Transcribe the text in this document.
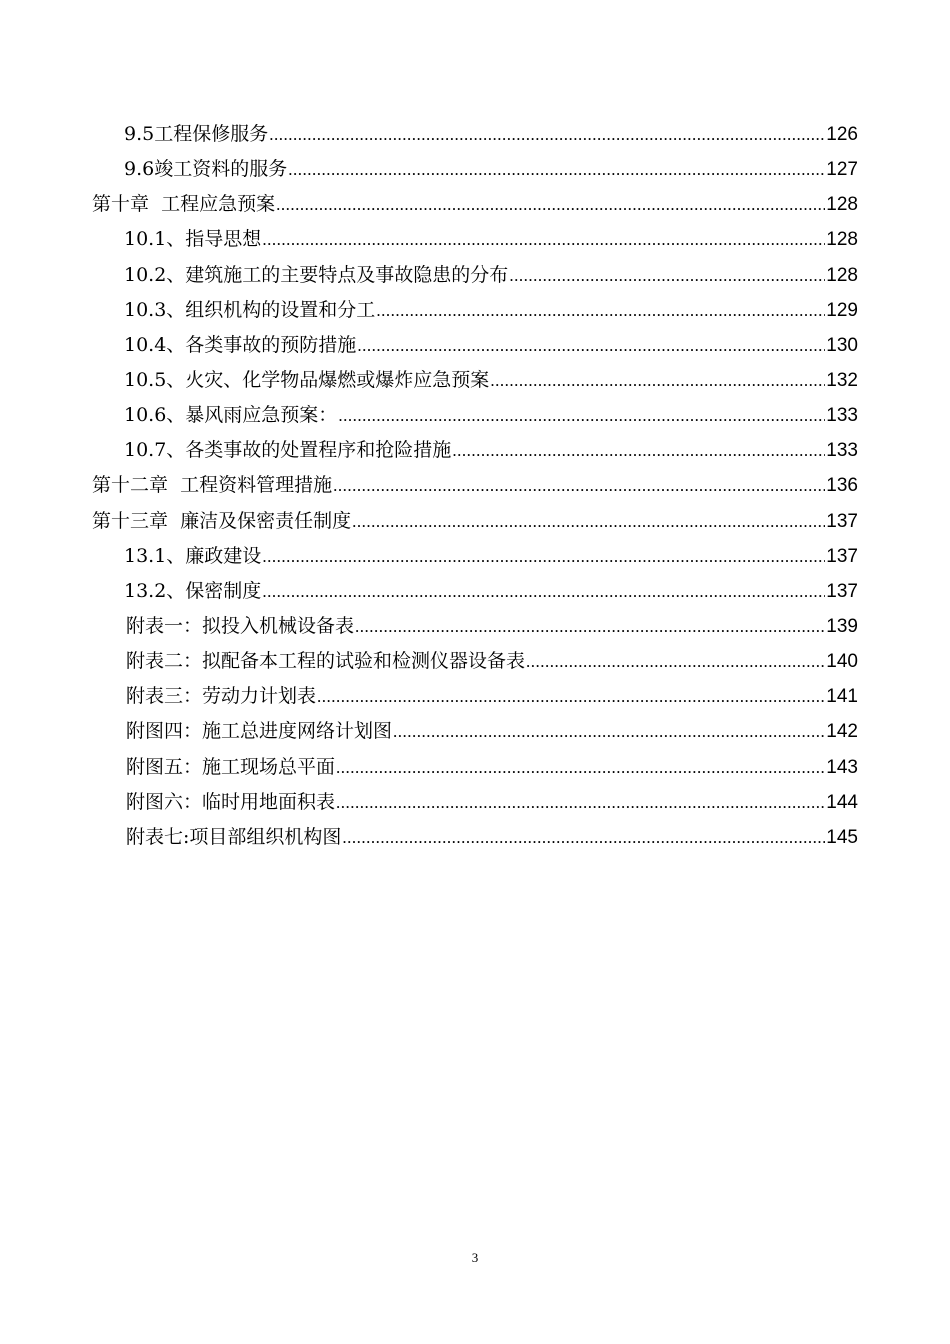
9.5工程保修服务 .....	126
9.6竣工资料的服务 .....	127
第十章  工程应急预案 .....	128
10.1、指导思想 .....	128
10.2、建筑施工的主要特点及事故隐患的分布 .....	128
10.3、组织机构的设置和分工 .....	129
10.4、各类事故的预防措施 .....	130
10.5、火灾、化学物品爆燃或爆炸应急预案 .....	132
10.6、暴风雨应急预案： .....	133
10.7、各类事故的处置程序和抢险措施 .....	133
第十二章  工程资料管理措施 .....	136
第十三章  廉洁及保密责任制度 .....	137
13.1、廉政建设 .....	137
13.2、保密制度 .....	137
附表一：拟投入机械设备表 .....	139
附表二：拟配备本工程的试验和检测仪器设备表 .....	140
附表三：劳动力计划表 .....	141
附图四：施工总进度网络计划图 .....	142
附图五：施工现场总平面 .....	143
附图六：临时用地面积表 .....	144
附表七:项目部组织机构图 .....	145
3
